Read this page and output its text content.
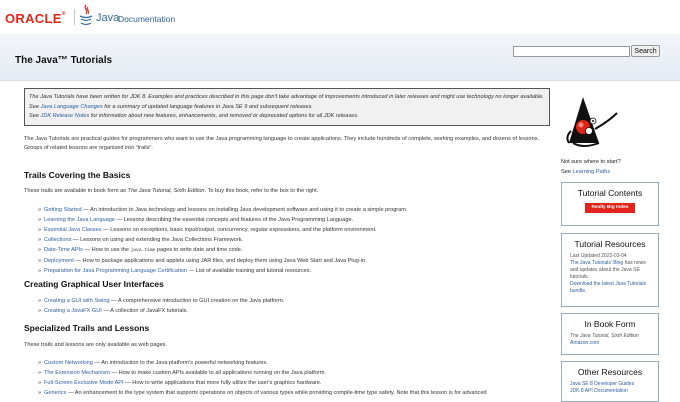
ORACLE®	Java
Documentation
The Java™ Tutorials
Search
The Java Tutorials have been written for JDK 8. Examples and practices described in this page don't take advantage of improvements introduced in later releases and might use technology no longer available.
See Java Language Changes for a summary of updated language features in Java SE 9 and subsequent releases.
See JDK Release Notes for information about new features, enhancements, and removed or deprecated options for all JDK releases.
The Java Tutorials are practical guides for programmers who want to use the Java programming language to create applications. They include hundreds of complete, working examples, and dozens of lessons. Groups of related lessons are organized into "trails".
Trails Covering the Basics
These trails are available in book form as The Java Tutorial, Sixth Edition. To buy this book, refer to the box to the right.
» Getting Started — An introduction to Java technology and lessons on installing Java development software and using it to create a simple program.
» Learning the Java Language — Lessons describing the essential concepts and features of the Java Programming Language.
» Essential Java Classes — Lessons on exceptions, basic input/output, concurrency, regular expressions, and the platform environment.
» Collections — Lessons on using and extending the Java Collections Framework.
» Date-Time APIs — How to use the java.time pages to write date and time code.
» Deployment — How to package applications and applets using JAR files, and deploy them using Java Web Start and Java Plug-in.
» Preparation for Java Programming Language Certification — List of available training and tutorial resources.
Creating Graphical User Interfaces
» Creating a GUI with Swing — A comprehensive introduction to GUI creation on the Java platform.
» Creating a JavaFX GUI — A collection of JavaFX tutorials.
Specialized Trails and Lessons
These trails and lessons are only available as web pages.
» Custom Networking — An introduction to the Java platform's powerful networking features.
» The Extension Mechanism — How to make custom APIs available to all applications running on the Java platform.
» Full-Screen Exclusive Mode API — How to write applications that more fully utilize the user's graphics hardware.
» Generics — An enhancement to the type system that supports operations on objects of various types while providing compile-time type safety. Note that this lesson is for advanced
Not sure where to start?
See Learning Paths
Tutorial Contents
Really Big Index
Tutorial Resources
Last Updated 2022-03-04
The Java Tutorials' Blog has news and updates about the Java SE tutorials.
Download the latest Java Tutorials bundle.
In Book Form
The Java Tutorial, Sixth Edition
Amazon.com
Other Resources
Java SE 8 Developer Guides
JDK 8 API Documentation
